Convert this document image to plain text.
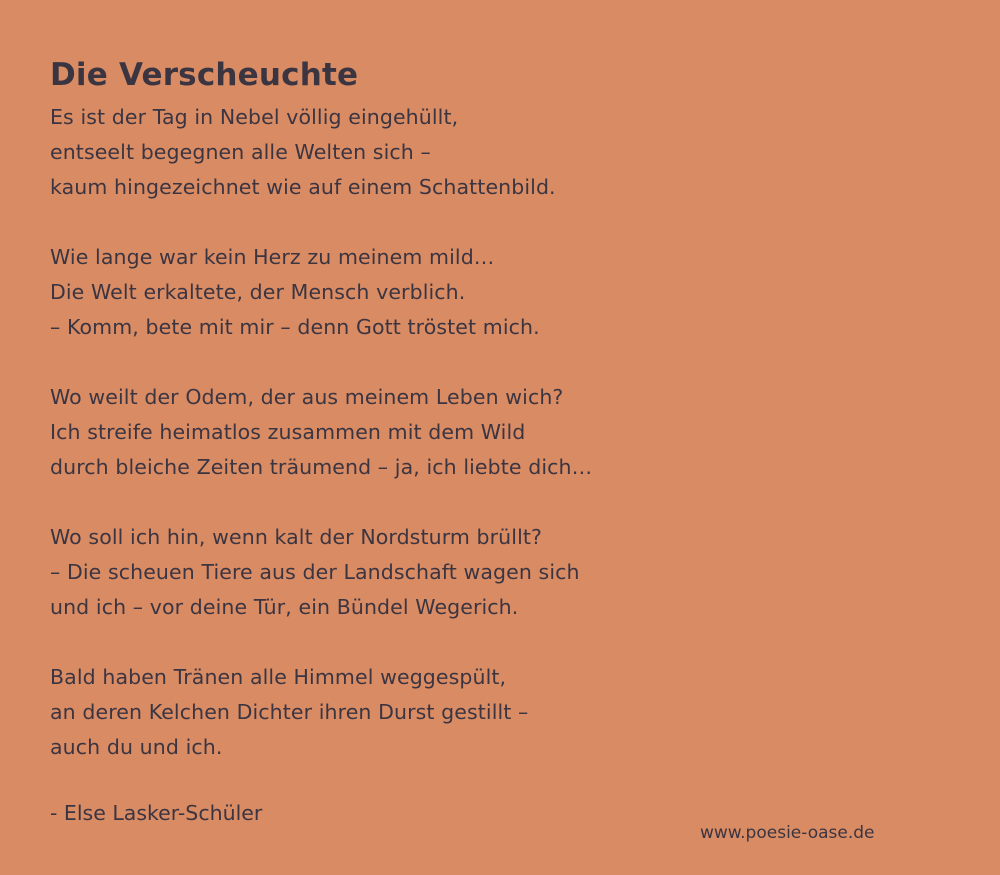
Die Verscheuchte
Es ist der Tag in Nebel völlig eingehüllt,
entseelt begegnen alle Welten sich –
kaum hingezeichnet wie auf einem Schattenbild.
Wie lange war kein Herz zu meinem mild…
Die Welt erkaltete, der Mensch verblich.
– Komm, bete mit mir – denn Gott tröstet mich.
Wo weilt der Odem, der aus meinem Leben wich?
Ich streife heimatlos zusammen mit dem Wild
durch bleiche Zeiten träumend – ja, ich liebte dich…
Wo soll ich hin, wenn kalt der Nordsturm brüllt?
– Die scheuen Tiere aus der Landschaft wagen sich
und ich – vor deine Tür, ein Bündel Wegerich.
Bald haben Tränen alle Himmel weggespült,
an deren Kelchen Dichter ihren Durst gestillt –
auch du und ich.
- Else Lasker-Schüler
www.poesie-oase.de
